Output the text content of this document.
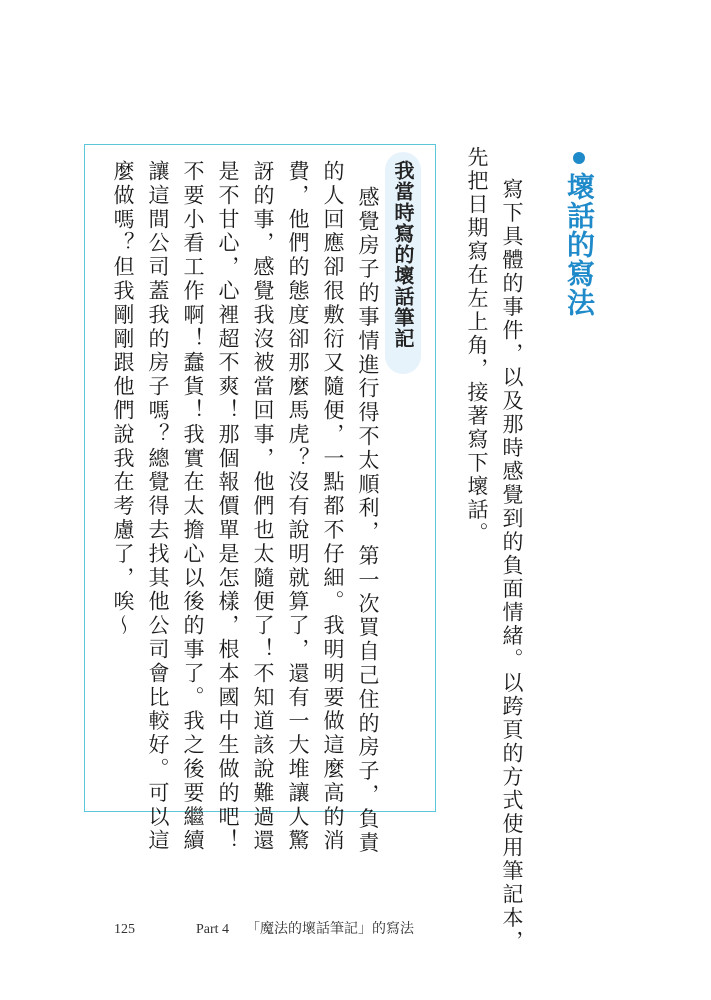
壞話的寫法
寫下具體的事件，以及那時感覺到的負面情緒。以跨頁的方式使用筆記本，
先把日期寫在左上角，接著寫下壞話。
我當時寫的壞話筆記
感覺房子的事情進行得不太順利，第一次買自己住的房子，負責
的人回應卻很敷衍又隨便，一點都不仔細。我明明要做這麼高的消
費，他們的態度卻那麼馬虎？沒有說明就算了，還有一大堆讓人驚
訝的事，感覺我沒被當回事，他們也太隨便了！不知道該說難過還
是不甘心，心裡超不爽！那個報價單是怎樣，根本國中生做的吧！
不要小看工作啊！蠢貨！我實在太擔心以後的事了。我之後要繼續
讓這間公司蓋我的房子嗎？總覺得去找其他公司會比較好。可以這
麼做嗎？但我剛剛跟他們說我在考慮了，唉～
125	Part 4 「魔法的壞話筆記」的寫法
